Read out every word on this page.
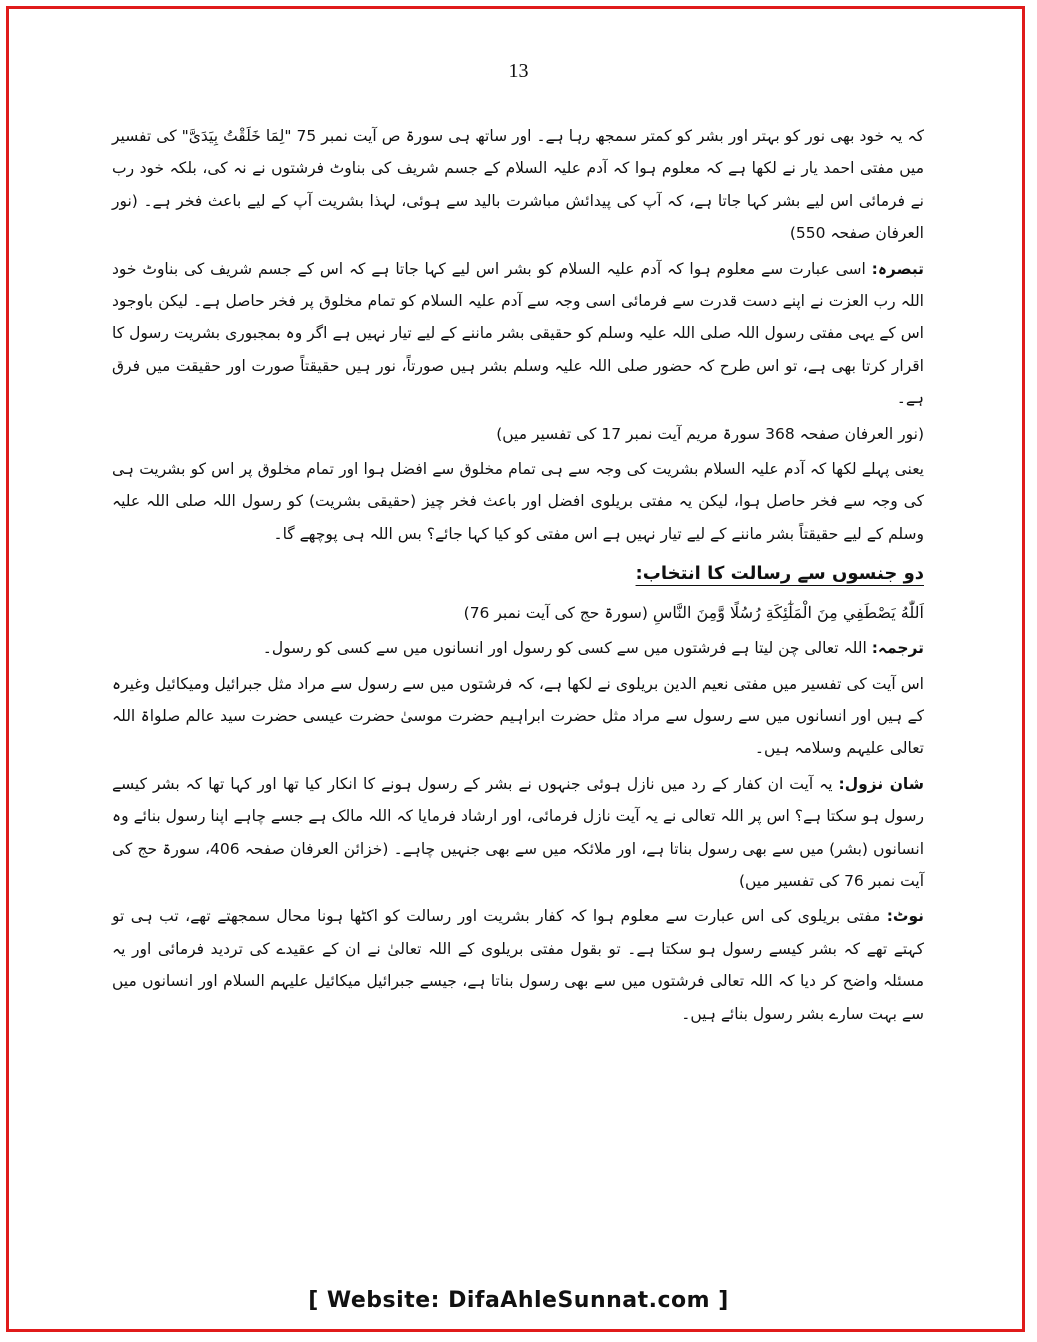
13

کہ یہ خود بھی نور کو بہتر اور بشر کو کمتر سمجھ رہا ہے۔ اور ساتھ ہی سورۃ ص آیت نمبر 75 "لِمَا خَلَقْتُ بِیَدَیَّ" کی تفسیر میں مفتی احمد یار نے لکھا ہے کہ معلوم ہوا کہ آدم علیہ السلام کے جسم شریف کی بناوٹ فرشتوں نے نہ کی، بلکہ خود رب نے فرمائی اس لیے بشر کہا جاتا ہے، کہ آپ کی پیدائش مباشرت بالید سے ہوئی، لہذا بشریت آپ کے لیے باعث فخر ہے۔ (نور العرفان صفحہ 550)

تبصرہ: اسی عبارت سے معلوم ہوا کہ آدم علیہ السلام کو بشر اس لیے کہا جاتا ہے کہ اس کے جسم شریف کی بناوٹ خود اللہ رب العزت نے اپنے دست قدرت سے فرمائی اسی وجہ سے آدم علیہ السلام کو تمام مخلوق پر فخر حاصل ہے۔ لیکن باوجود اس کے یہی مفتی رسول اللہ صلی اللہ علیہ وسلم کو حقیقی بشر ماننے کے لیے تیار نہیں ہے اگر وہ بمجبوری بشریت رسول کا اقرار کرتا بھی ہے، تو اس طرح کہ حضور صلی اللہ علیہ وسلم بشر ہیں صورتاً، نور ہیں حقیقتاً صورت اور حقیقت میں فرق ہے۔

(نور العرفان صفحہ 368 سورۃ مریم آیت نمبر 17 کی تفسیر میں)

یعنی پہلے لکھا کہ آدم علیہ السلام بشریت کی وجہ سے ہی تمام مخلوق سے افضل ہوا اور تمام مخلوق پر اس کو بشریت ہی کی وجہ سے فخر حاصل ہوا، لیکن یہ مفتی بریلوی افضل اور باعث فخر چیز (حقیقی بشریت) کو رسول اللہ صلی اللہ علیہ وسلم کے لیے حقیقتاً بشر ماننے کے لیے تیار نہیں ہے اس مفتی کو کیا کہا جائے؟ بس اللہ ہی پوچھے گا۔

دو جنسوں سے رسالت کا انتخاب:

اَللّٰهُ يَصْطَفِي مِنَ الْمَلٰٓئِكَةِ رُسُلًا وَّمِنَ النَّاسِ (سورۃ حج کی آیت نمبر 76)

ترجمہ: اللہ تعالی چن لیتا ہے فرشتوں میں سے کسی کو رسول اور انسانوں میں سے کسی کو رسول۔

اس آیت کی تفسیر میں مفتی نعیم الدین بریلوی نے لکھا ہے، کہ فرشتوں میں سے رسول سے مراد مثل جبرائیل ومیکائیل وغیرہ کے ہیں اور انسانوں میں سے رسول سے مراد مثل حضرت ابراہیم حضرت موسیٰ حضرت عیسی حضرت سید عالم صلواۃ اللہ تعالی علیہم وسلامہ ہیں۔

شان نزول: یہ آیت ان کفار کے رد میں نازل ہوئی جنہوں نے بشر کے رسول ہونے کا انکار کیا تھا اور کہا تھا کہ بشر کیسے رسول ہو سکتا ہے؟ اس پر اللہ تعالی نے یہ آیت نازل فرمائی، اور ارشاد فرمایا کہ اللہ مالک ہے جسے چاہے اپنا رسول بنائے وہ انسانوں (بشر) میں سے بھی رسول بناتا ہے، اور ملائکہ میں سے بھی جنہیں چاہے۔ (خزائن العرفان صفحہ 406، سورۃ حج کی آیت نمبر 76 کی تفسیر میں)

نوٹ: مفتی بریلوی کی اس عبارت سے معلوم ہوا کہ کفار بشریت اور رسالت کو اکٹھا ہونا محال سمجھتے تھے، تب ہی تو کہتے تھے کہ بشر کیسے رسول ہو سکتا ہے۔ تو بقول مفتی بریلوی کے اللہ تعالیٰ نے ان کے عقیدے کی تردید فرمائی اور یہ مسئلہ واضح کر دیا کہ اللہ تعالی فرشتوں میں سے بھی رسول بناتا ہے، جیسے جبرائیل میکائیل علیہم السلام اور انسانوں میں سے بہت سارے بشر رسول بنائے ہیں۔

[ Website: DifaAhleSunnat.com ]
